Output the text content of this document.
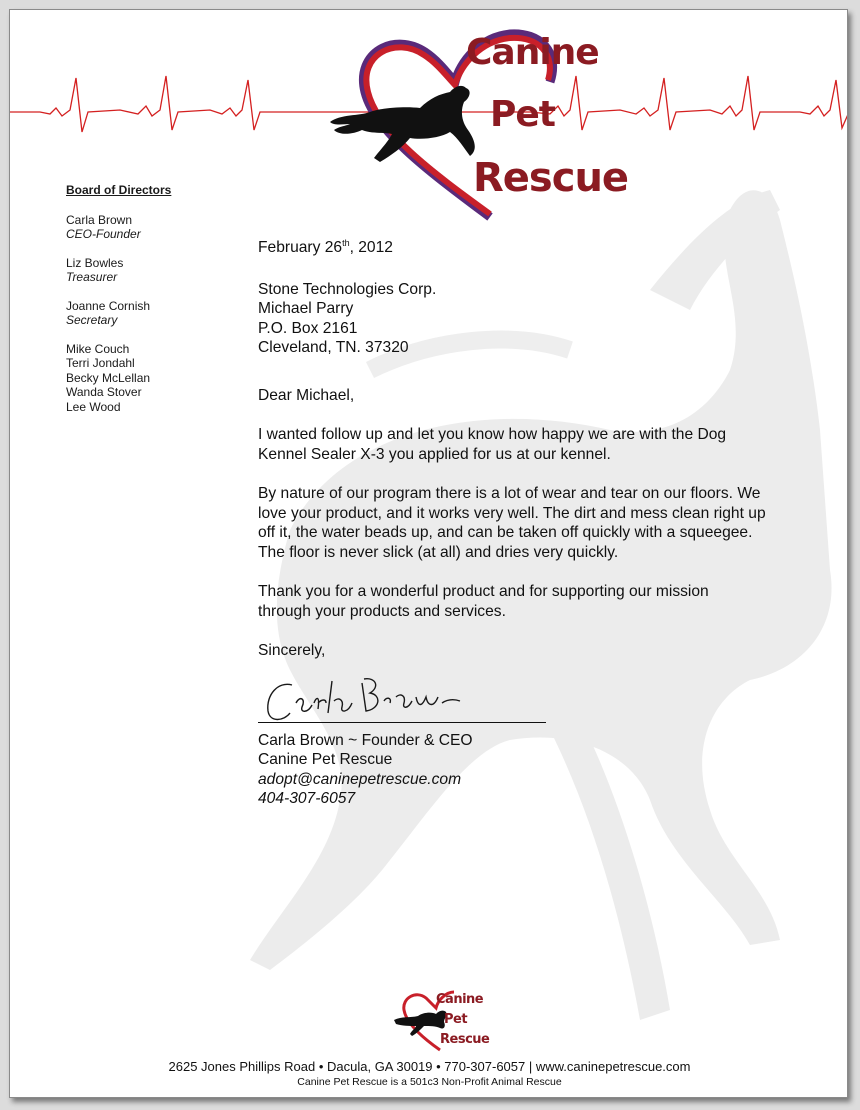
Canine
Pet
Rescue
Board of Directors
Carla Brown
CEO-Founder
Liz Bowles
Treasurer
Joanne Cornish
Secretary
Mike Couch
Terri Jondahl
Becky McLellan
Wanda Stover
Lee Wood
February 26th, 2012
Stone Technologies Corp.
Michael Parry
P.O. Box 2161
Cleveland, TN. 37320
Dear Michael,
I wanted follow up and let you know how happy we are with the Dog Kennel Sealer X-3 you applied for us at our kennel.
By nature of our program there is a lot of wear and tear on our floors. We love your product, and it works very well. The dirt and mess clean right up off it, the water beads up, and can be taken off quickly with a squeegee. The floor is never slick (at all) and dries very quickly.
Thank you for a wonderful product and for supporting our mission through your products and services.
Sincerely,
Carla Brown ~ Founder & CEO
Canine Pet Rescue
adopt@caninepetrescue.com
404-307-6057
Canine
Pet
Rescue
2625 Jones Phillips Road • Dacula, GA 30019 • 770-307-6057 | www.caninepetrescue.com
Canine Pet Rescue is a 501c3 Non-Profit Animal Rescue
